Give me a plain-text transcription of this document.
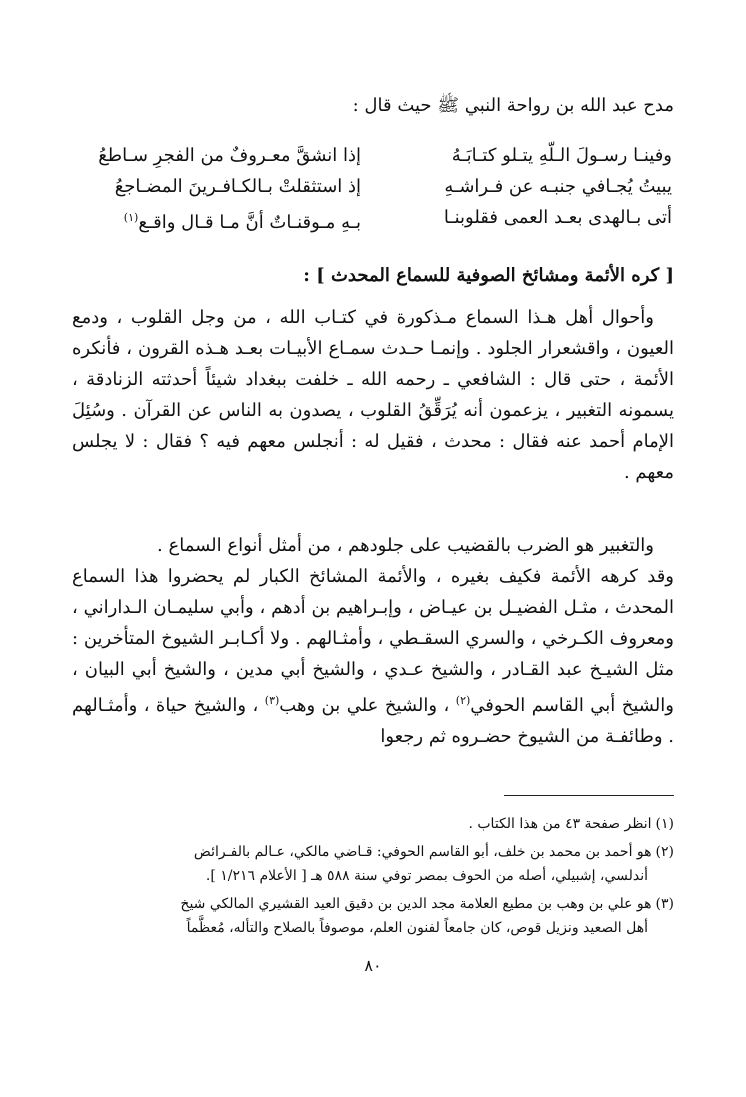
مدح عبد الله بن رواحة النبي ﷺ حيث قال :
وفينـا رسـولَ الـلّهِ يتـلو كتـابَـهُ
إذا انشقَّ معـروفٌ من الفجرِ سـاطعُ
يبيتُ يُجـافي جنبـه عن فـراشـهِ
إذ استثقلتْ بـالكـافـرينَ المضـاجعُ
أتى بـالهدى بعـد العمى فقلوبنـا
بـهِ مـوقنـاتٌ أنَّ مـا قـال واقـع$^{(١)}$
[ كره الأئمة ومشائخ الصوفية للسماع المحدث ] :

وأحوال أهل هـذا السماع مـذكورة في كتـاب الله ، من وجل القلوب ، ودمع العيون ، واقشعرار الجلود . وإنمـا حـدث سمـاع الأبيـات بعـد هـذه القرون ، فأنكره الأئمة ، حتى قال : الشافعي ـ رحمه الله ـ خلفت ببغداد شيئاً أحدثته الزنادقة ، يسمونه التغبير ، يزعمون أنه يُرَقِّقُ القلوب ، يصدون به الناس عن القرآن . وسُئِلَ الإمام أحمد عنه فقال : محدث ، فقيل له : أنجلس معهم فيه ؟ فقال : لا يجلس معهم .

والتغبير هو الضرب بالقضيب على جلودهم ، من أمثل أنواع السماع .

وقد كرهه الأئمة فكيف بغيره ، والأئمة المشائخ الكبار لم يحضروا هذا السماع المحدث ، مثـل الفضيـل بن عيـاض ، وإبـراهيم بن أدهم ، وأبي سليمـان الـداراني ، ومعروف الكـرخي ، والسري السقـطي ، وأمثـالهم . ولا أكـابـر الشيوخ المتأخرين : مثل الشيـخ عبد القـادر ، والشيخ عـدي ، والشيخ أبي مدين ، والشيخ أبي البيان ، والشيخ أبي القاسم الحوفي$^{(٢)}$ ، والشيخ علي بن وهب$^{(٣)}$ ، والشيخ حياة ، وأمثـالهم . وطائفـة من الشيوخ حضـروه ثم رجعوا

(١)انظر صفحة ٤٣ من هذا الكتاب .
(٢)هو أحمد بن محمد بن خلف، أبو القاسم الحوفي: قـاضي مالكي، عـالم بالفـرائض
أندلسي، إشبيلي، أصله من الحوف بمصر توفي سنة ٥٨٨ هـ [ الأعلام ١/٢١٦ ].
(٣)هو علي بن وهب بن مطيع العلامة مجد الدين بن دقيق العيد القشيري المالكي شيخ
أهل الصعيد ونزيل قوص، كان جامعاً لفنون العلم، موصوفاً بالصلاح والتأله، مُعظَّماً
٨٠
